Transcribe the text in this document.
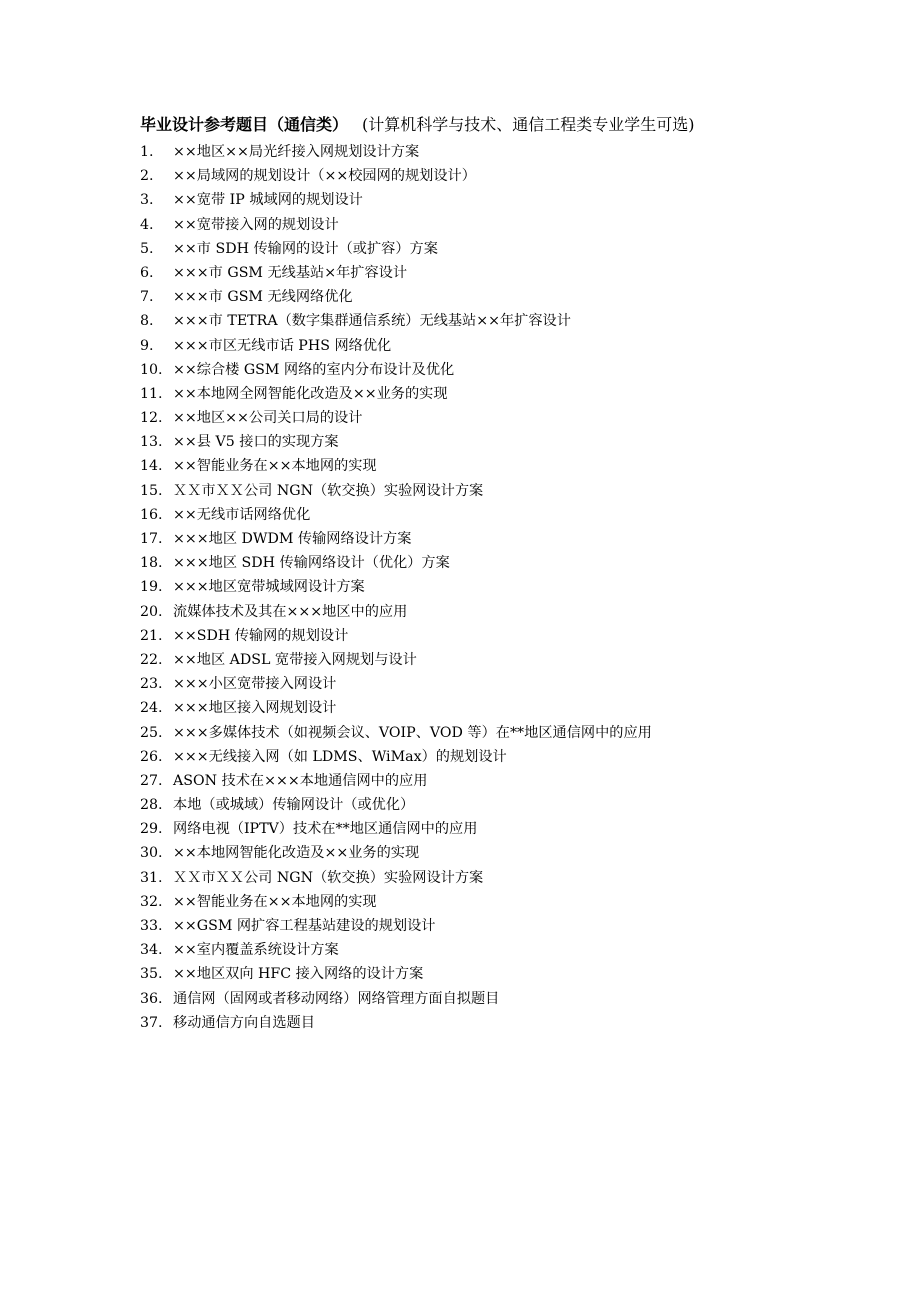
毕业设计参考题目（通信类） (计算机科学与技术、通信工程类专业学生可选)
1.	××地区××局光纤接入网规划设计方案
2.	××局域网的规划设计（××校园网的规划设计）
3.	××宽带 IP 城域网的规划设计
4.	××宽带接入网的规划设计
5.	××市 SDH 传输网的设计（或扩容）方案
6.	×××市 GSM 无线基站×年扩容设计
7.	×××市 GSM 无线网络优化
8.	×××市 TETRA（数字集群通信系统）无线基站××年扩容设计
9.	×××市区无线市话 PHS 网络优化
10. ××综合楼 GSM 网络的室内分布设计及优化
11. ××本地网全网智能化改造及××业务的实现
12. ××地区××公司关口局的设计
13. ××县 V5 接口的实现方案
14. ××智能业务在××本地网的实现
15. ＸＸ市ＸＸ公司 NGN（软交换）实验网设计方案
16. ××无线市话网络优化
17. ×××地区 DWDM 传输网络设计方案
18. ×××地区 SDH 传输网络设计（优化）方案
19. ×××地区宽带城域网设计方案
20. 流媒体技术及其在×××地区中的应用
21. ××SDH 传输网的规划设计
22. ××地区 ADSL 宽带接入网规划与设计
23. ×××小区宽带接入网设计
24. ×××地区接入网规划设计
25. ×××多媒体技术（如视频会议、VOIP、VOD 等）在**地区通信网中的应用
26. ×××无线接入网（如 LDMS、WiMax）的规划设计
27. ASON 技术在×××本地通信网中的应用
28. 本地（或城域）传输网设计（或优化）
29. 网络电视（IPTV）技术在**地区通信网中的应用
30. ××本地网智能化改造及××业务的实现
31. ＸＸ市ＸＸ公司 NGN（软交换）实验网设计方案
32. ××智能业务在××本地网的实现
33. ××GSM 网扩容工程基站建设的规划设计
34. ××室内覆盖系统设计方案
35. ××地区双向 HFC 接入网络的设计方案
36. 通信网（固网或者移动网络）网络管理方面自拟题目
37. 移动通信方向自选题目
